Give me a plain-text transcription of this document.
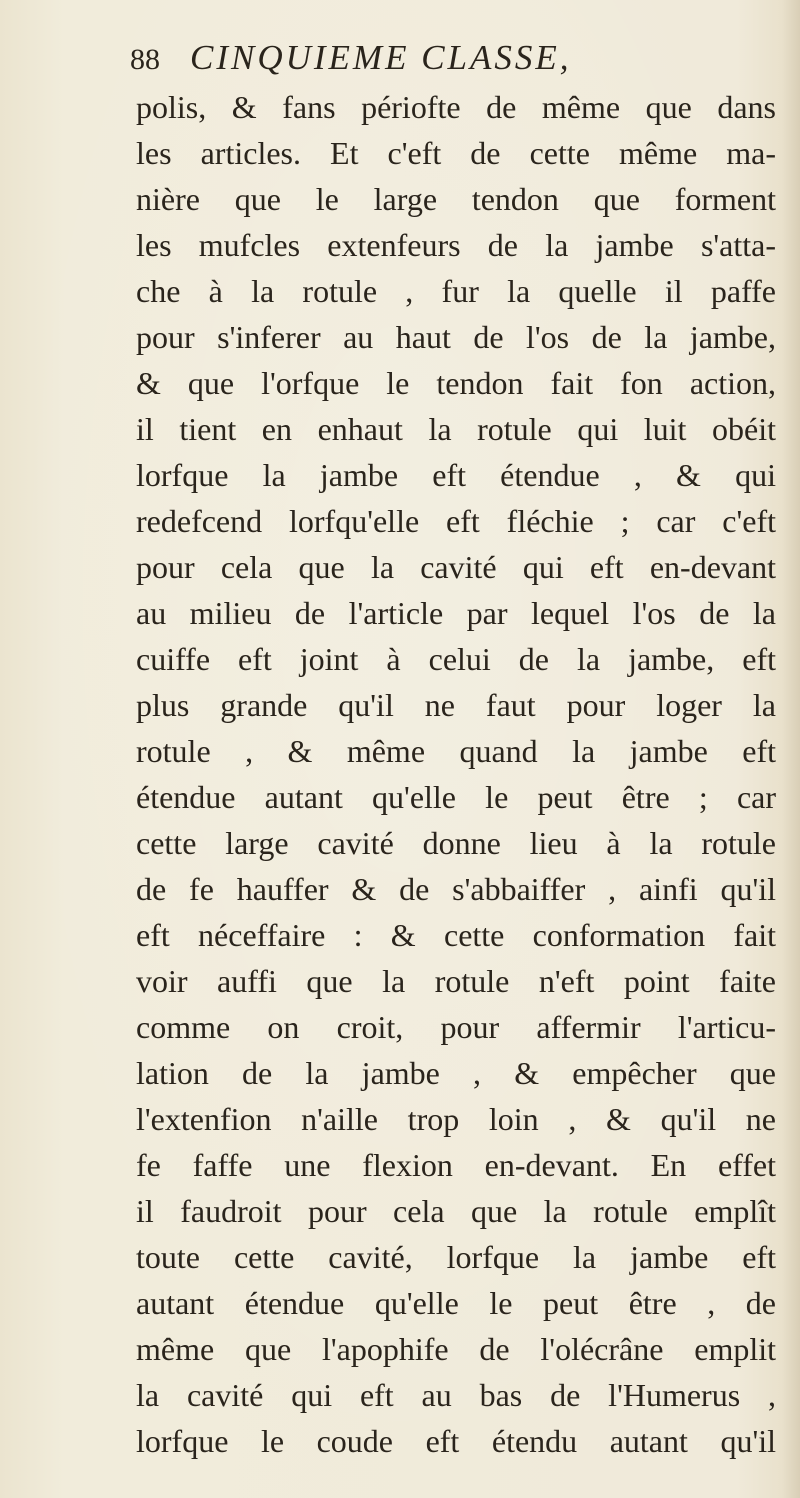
88 CINQUIEME CLASSE,
polis, & fans périofte de même que dans
les articles. Et c'eft de cette même ma-
nière que le large tendon que forment
les mufcles extenfeurs de la jambe s'atta-
che à la rotule , fur la quelle il paffe
pour s'inferer au haut de l'os de la jambe,
& que l'orfque le tendon fait fon action,
il tient en enhaut la rotule qui luit obéit
lorfque la jambe eft étendue , & qui
redefcend lorfqu'elle eft fléchie ; car c'eft
pour cela que la cavité qui eft en-devant
au milieu de l'article par lequel l'os de la
cuiffe eft joint à celui de la jambe, eft
plus grande qu'il ne faut pour loger la
rotule , & même quand la jambe eft
étendue autant qu'elle le peut être ; car
cette large cavité donne lieu à la rotule
de fe hauffer & de s'abbaiffer , ainfi qu'il
eft néceffaire : & cette conformation fait
voir auffi que la rotule n'eft point faite
comme on croit, pour affermir l'articu-
lation de la jambe , & empêcher que
l'extenfion n'aille trop loin , & qu'il ne
fe faffe une flexion en-devant. En effet
il faudroit pour cela que la rotule emplît
toute cette cavité, lorfque la jambe eft
autant étendue qu'elle le peut être , de
même que l'apophife de l'olécrâne emplit
la cavité qui eft au bas de l'Humerus ,
lorfque le coude eft étendu autant qu'il
